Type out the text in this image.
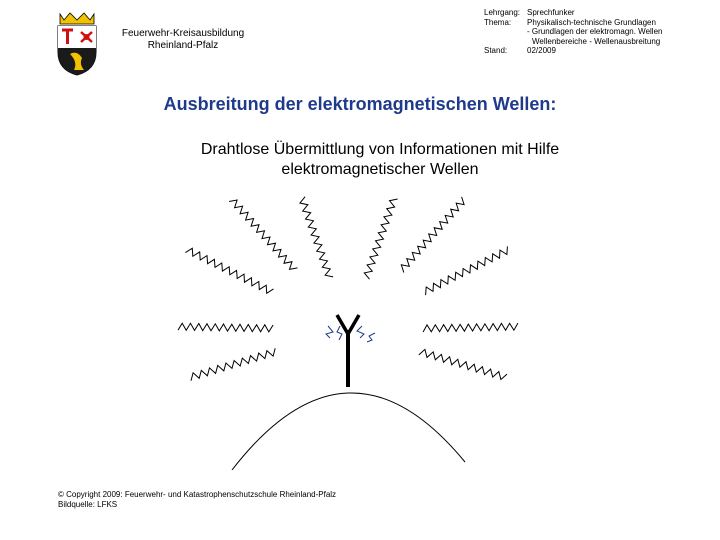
Feuerwehr-Kreisausbildung
Rheinland-Pfalz
Lehrgang: Sprechfunker
Thema:	Physikalisch-technische Grundlagen
- Grundlagen der elektromagn. Wellen
Wellenbereiche - Wellenausbreitung
Stand:	02/2009
Ausbreitung der elektromagnetischen Wellen:
Drahtlose Übermittlung von Informationen mit Hilfe
elektromagnetischer Wellen
© Copyright 2009: Feuerwehr- und Katastrophenschutzschule Rheinland-Pfalz
Bildquelle: LFKS
